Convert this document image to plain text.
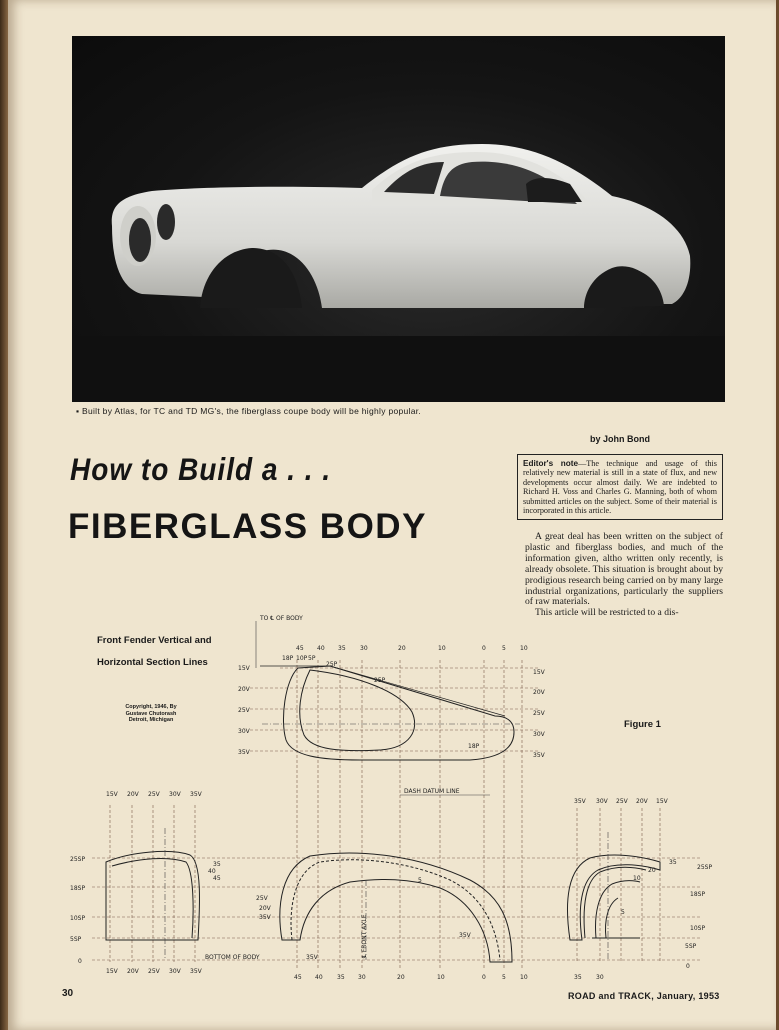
▪ Built by Atlas, for TC and TD MG's, the fiberglass coupe body will be highly popular.
by John Bond
Editor's note—The technique and usage of this relatively new material is still in a state of flux, and new developments occur almost daily. We are indebted to Richard H. Voss and Charles G. Manning, both of whom submitted articles on the subject. Some of their material is incorporated in this article.
How to Build a . . .
FIBERGLASS BODY	A great deal has been written on the subject of plastic and fiberglass bodies, and much of the information given, altho written only recently, is already obsolete. This situation is brought about by prodigious research being carried on by many large industrial organizations, particularly the suppliers of raw materials.

This article will be restricted to a dis-

Front Fender Vertical and
Horizontal Section Lines
Copyright, 1946, By
Gustave Chutorash
Detroit, Michigan	Figure 1
TO ℄ OF BODY
DASH DATUM LINE
BOTTOM OF BODY	℄ FRONT AXLE
45 40 35 30	20	10	0	5 10
45 40 35 30	20	10	0	5 10
15V
20V
25V
30V
35V
15V
20V
25V
30V
35V
18P 10P 5P
25P
25P
18P
15V 20V 25V 30V 35V
15V 20V 25V 30V 35V
35V 30V 25V 20V 15V
35 30
25SP
18SP
10SP
5SP
0
25SP
18SP
10SP
5SP
0
35
40
45
25V
20V
35V
35V
35V
5
35
20
10
5
30	ROAD and TRACK, January, 1953
